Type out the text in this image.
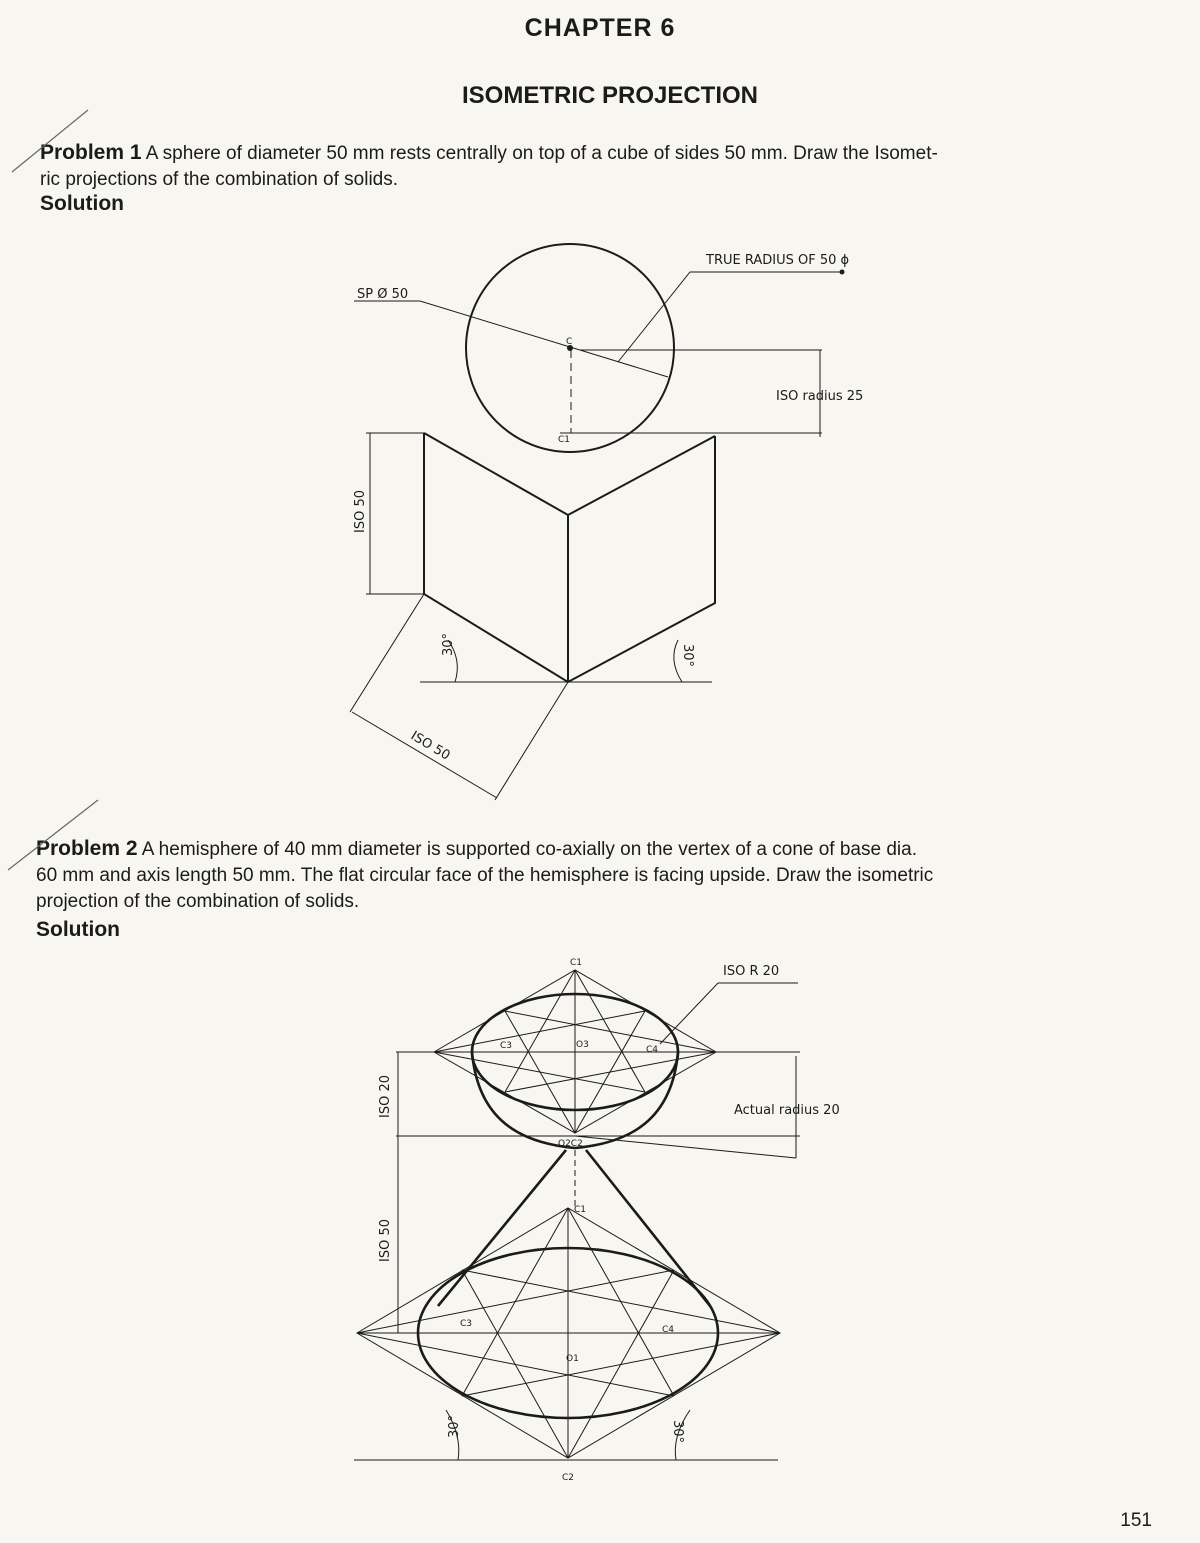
CHAPTER 6
ISOMETRIC PROJECTION
Problem 1 A sphere of diameter 50 mm rests centrally on top of a cube of sides 50 mm. Draw the Isomet-
ric projections of the combination of solids.
Solution
Problem 2 A hemisphere of 40 mm diameter is supported co-axially on the vertex of a cone of base dia.
60 mm and axis length 50 mm. The flat circular face of the hemisphere is facing upside. Draw the isometric
projection of the combination of solids.
Solution
151
SP Ø 50
TRUE RADIUS OF 50 ϕ
ISO radius 25
C
C1
ISO 50
ISO 50
30°	30°
ISO R 20
Actual radius 20
ISO 20
ISO 50
30°	30°
C1
C3	O3	C4
O2C2
C1
C3
C4
O1
C2
